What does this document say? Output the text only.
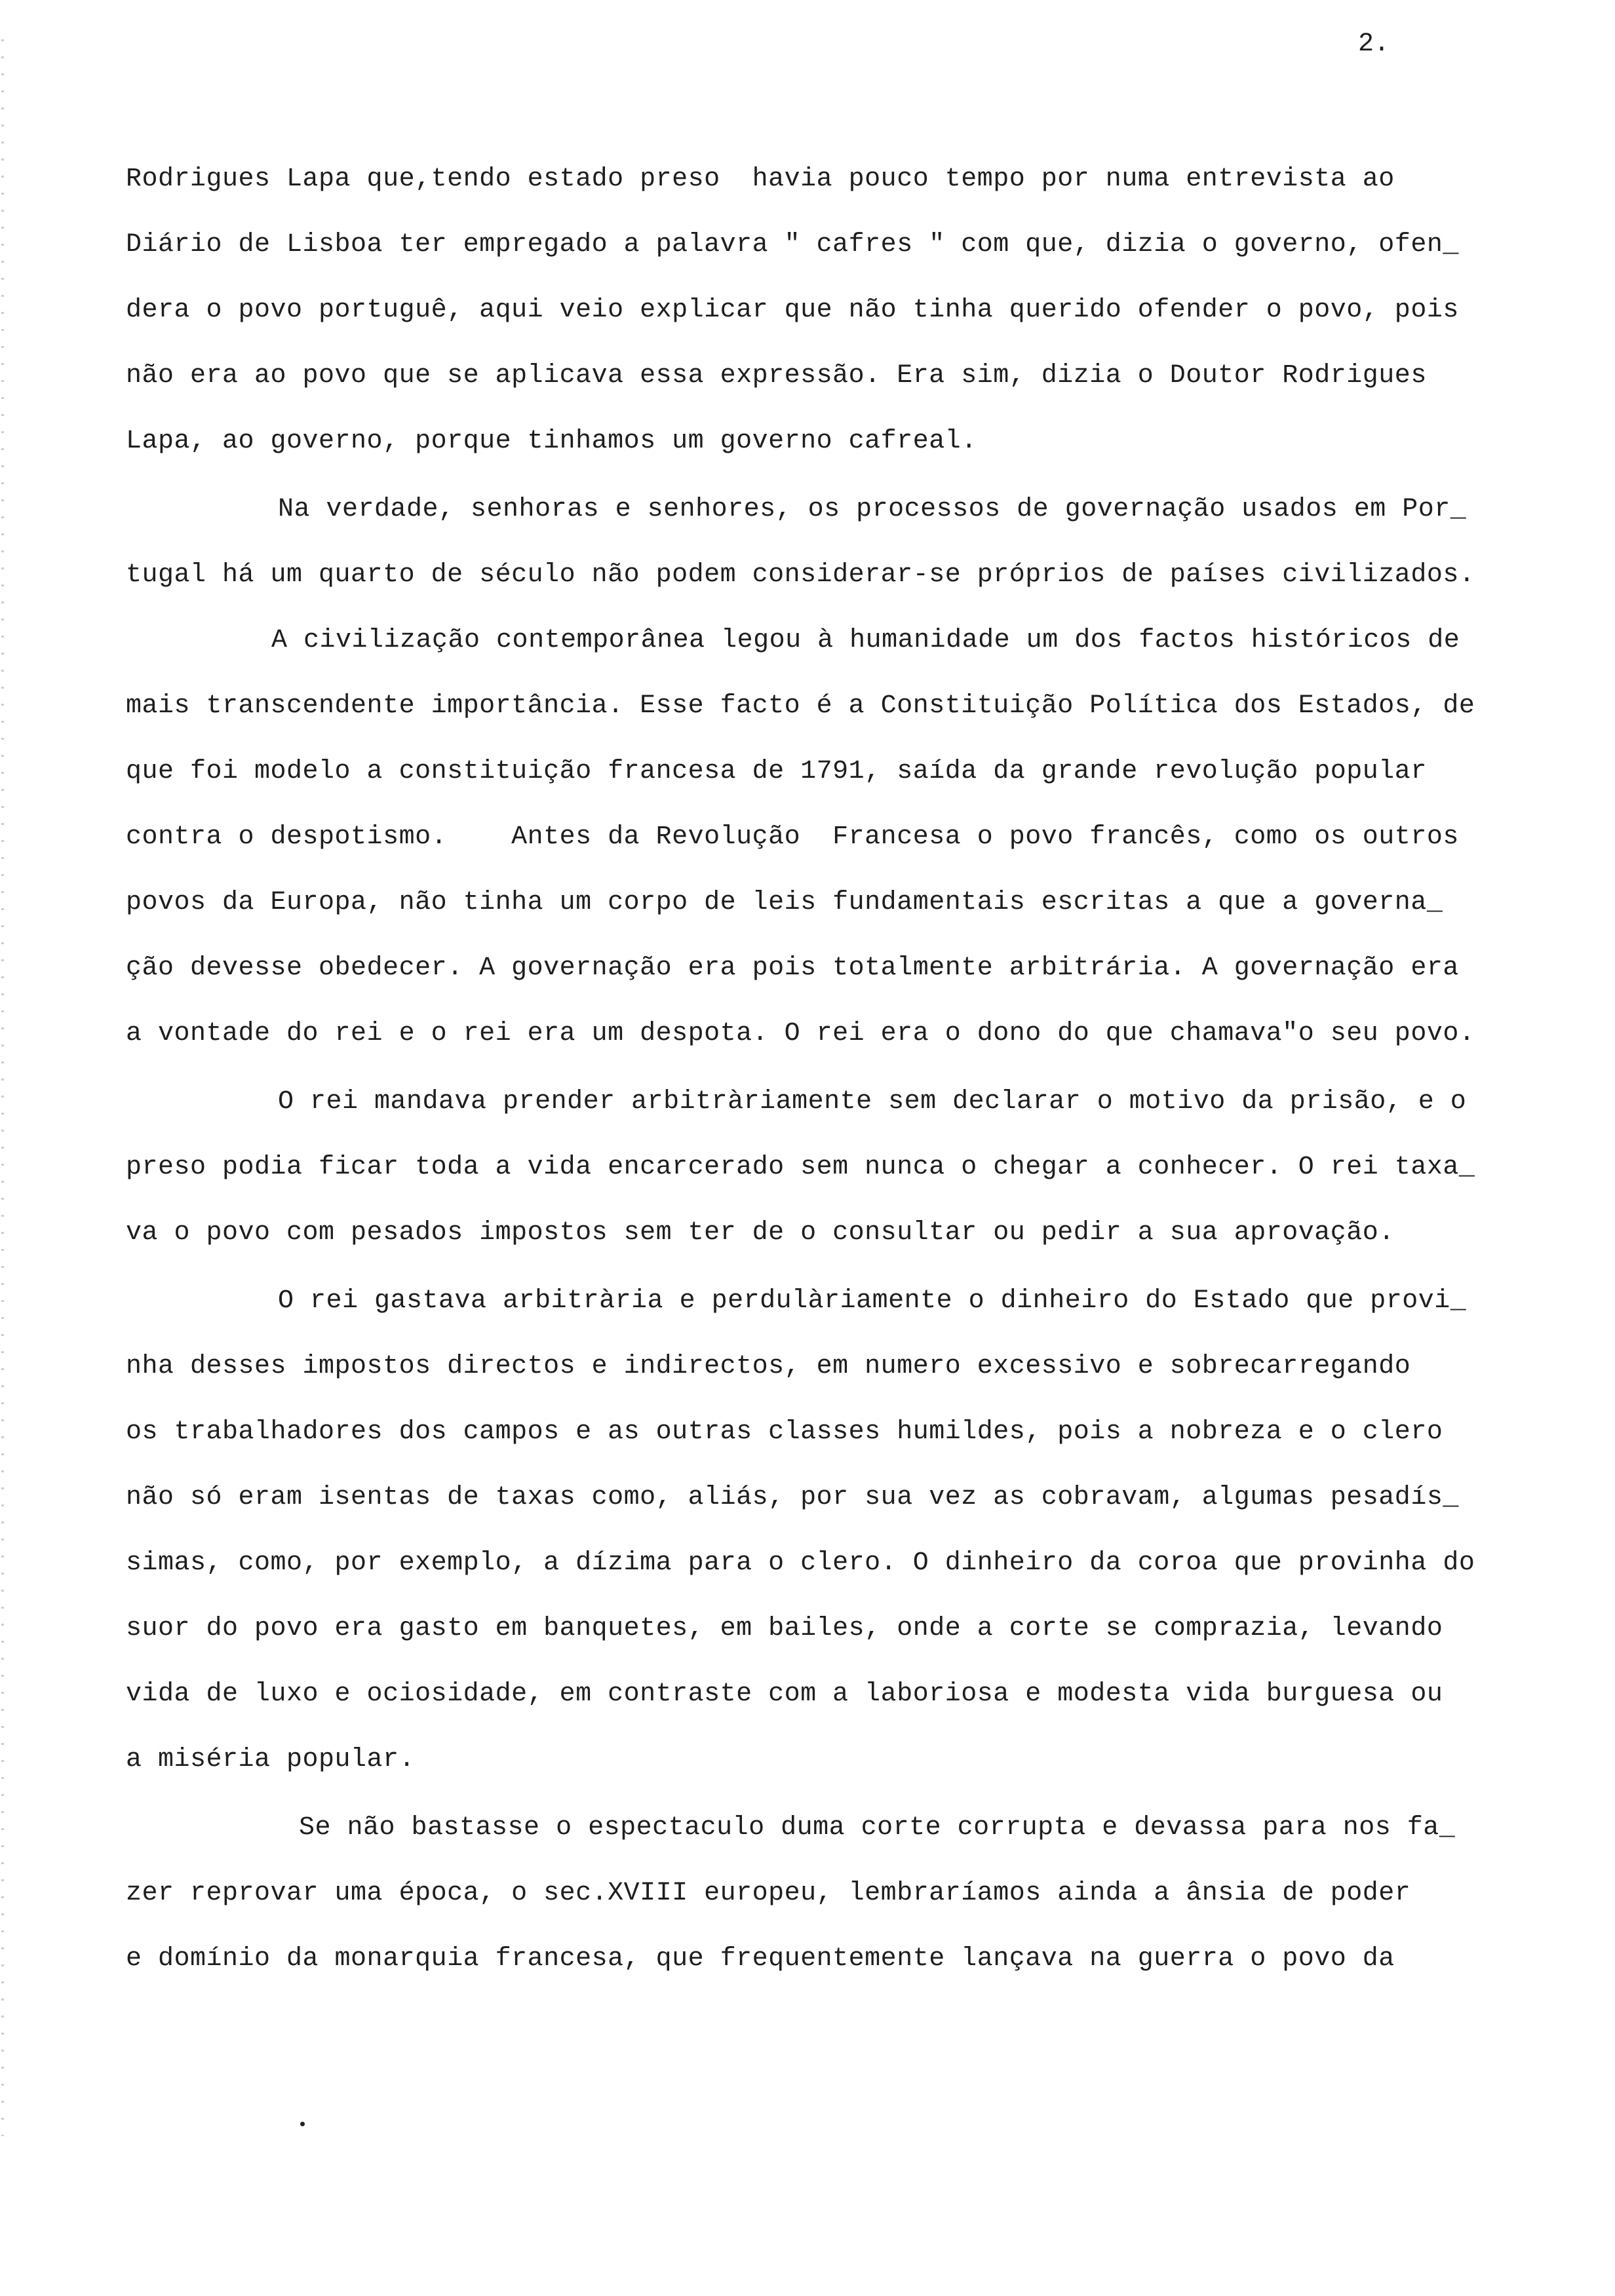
2.

Rodrigues Lapa que,tendo estado preso  havia pouco tempo por numa entrevista ao

Diário de Lisboa ter empregado a palavra " cafres " com que, dizia o governo, ofen_

dera o povo portuguê, aqui veio explicar que não tinha querido ofender o povo, pois

não era ao povo que se aplicava essa expressão. Era sim, dizia o Doutor Rodrigues

Lapa, ao governo, porque tinhamos um governo cafreal.

Na verdade, senhoras e senhores, os processos de governação usados em Por_

tugal há um quarto de século não podem considerar-se próprios de países civilizados.

A civilização contemporânea legou à humanidade um dos factos históricos de

mais transcendente importância. Esse facto é a Constituição Política dos Estados, de

que foi modelo a constituição francesa de 1791, saída da grande revolução popular

contra o despotismo.    Antes da Revolução  Francesa o povo francês, como os outros

povos da Europa, não tinha um corpo de leis fundamentais escritas a que a governa_

ção devesse obedecer. A governação era pois totalmente arbitrária. A governação era

a vontade do rei e o rei era um despota. O rei era o dono do que chamava"o seu povo.

O rei mandava prender arbitràriamente sem declarar o motivo da prisão, e o

preso podia ficar toda a vida encarcerado sem nunca o chegar a conhecer. O rei taxa_

va o povo com pesados impostos sem ter de o consultar ou pedir a sua aprovação.

O rei gastava arbitrària e perdulàriamente o dinheiro do Estado que provi_

nha desses impostos directos e indirectos, em numero excessivo e sobrecarregando

os trabalhadores dos campos e as outras classes humildes, pois a nobreza e o clero

não só eram isentas de taxas como, aliás, por sua vez as cobravam, algumas pesadís_

simas, como, por exemplo, a dízima para o clero. O dinheiro da coroa que provinha do

suor do povo era gasto em banquetes, em bailes, onde a corte se comprazia, levando

vida de luxo e ociosidade, em contraste com a laboriosa e modesta vida burguesa ou

a miséria popular.

Se não bastasse o espectaculo duma corte corrupta e devassa para nos fa_

zer reprovar uma época, o sec.XVIII europeu, lembraríamos ainda a ânsia de poder

e domínio da monarquia francesa, que frequentemente lançava na guerra o povo da
